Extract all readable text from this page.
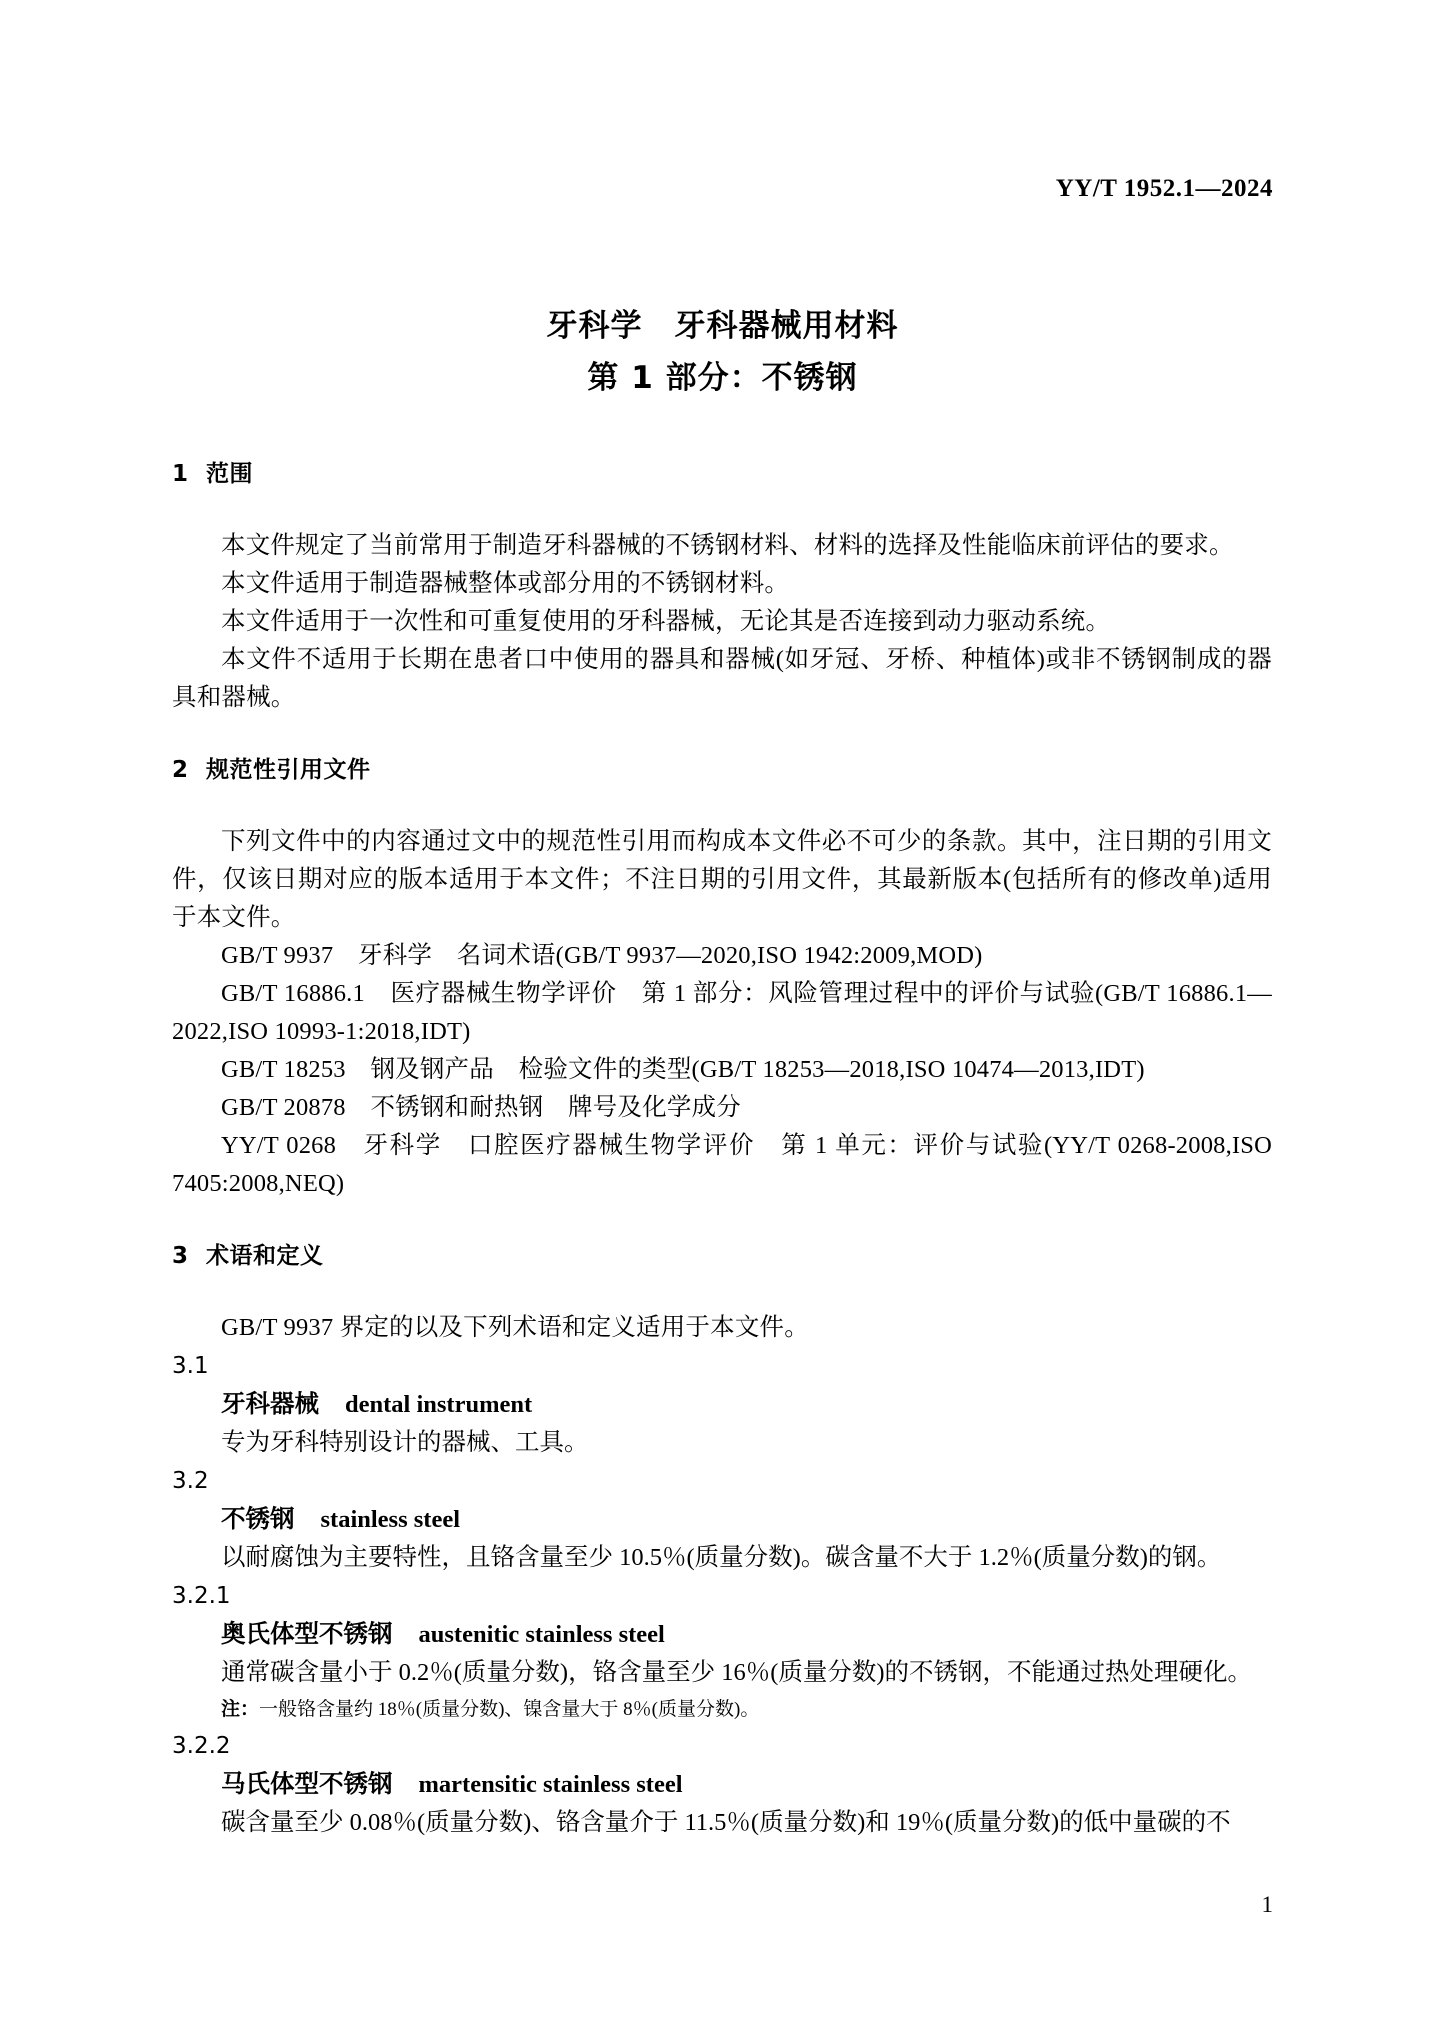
YY/T 1952.1—2024
牙科学　牙科器械用材料
第 1 部分：不锈钢
1 范围

本文件规定了当前常用于制造牙科器械的不锈钢材料、材料的选择及性能临床前评估的要求。

本文件适用于制造器械整体或部分用的不锈钢材料。

本文件适用于一次性和可重复使用的牙科器械，无论其是否连接到动力驱动系统。

本文件不适用于长期在患者口中使用的器具和器械(如牙冠、牙桥、种植体)或非不锈钢制成的器具和器械。

2 规范性引用文件

下列文件中的内容通过文中的规范性引用而构成本文件必不可少的条款。其中，注日期的引用文件，仅该日期对应的版本适用于本文件；不注日期的引用文件，其最新版本(包括所有的修改单)适用于本文件。

GB/T 9937　牙科学　名词术语(GB/T 9937—2020,ISO 1942:2009,MOD)

GB/T 16886.1　医疗器械生物学评价　第 1 部分：风险管理过程中的评价与试验(GB/T 16886.1—2022,ISO 10993-1:2018,IDT)

GB/T 18253　钢及钢产品　检验文件的类型(GB/T 18253—2018,ISO 10474—2013,IDT)

GB/T 20878　不锈钢和耐热钢　牌号及化学成分

YY/T 0268　牙科学　口腔医疗器械生物学评价　第 1 单元：评价与试验(YY/T 0268-2008,ISO 7405:2008,NEQ)

3 术语和定义

GB/T 9937 界定的以及下列术语和定义适用于本文件。

3.1

牙科器械 dental instrument

专为牙科特别设计的器械、工具。

3.2

不锈钢 stainless steel

以耐腐蚀为主要特性，且铬含量至少 10.5％(质量分数)。碳含量不大于 1.2％(质量分数)的钢。

3.2.1

奥氏体型不锈钢 austenitic stainless steel

通常碳含量小于 0.2％(质量分数)，铬含量至少 16％(质量分数)的不锈钢，不能通过热处理硬化。

注：一般铬含量约 18％(质量分数)、镍含量大于 8％(质量分数)。

3.2.2

马氏体型不锈钢 martensitic stainless steel

碳含量至少 0.08％(质量分数)、铬含量介于 11.5％(质量分数)和 19％(质量分数)的低中量碳的不

1
